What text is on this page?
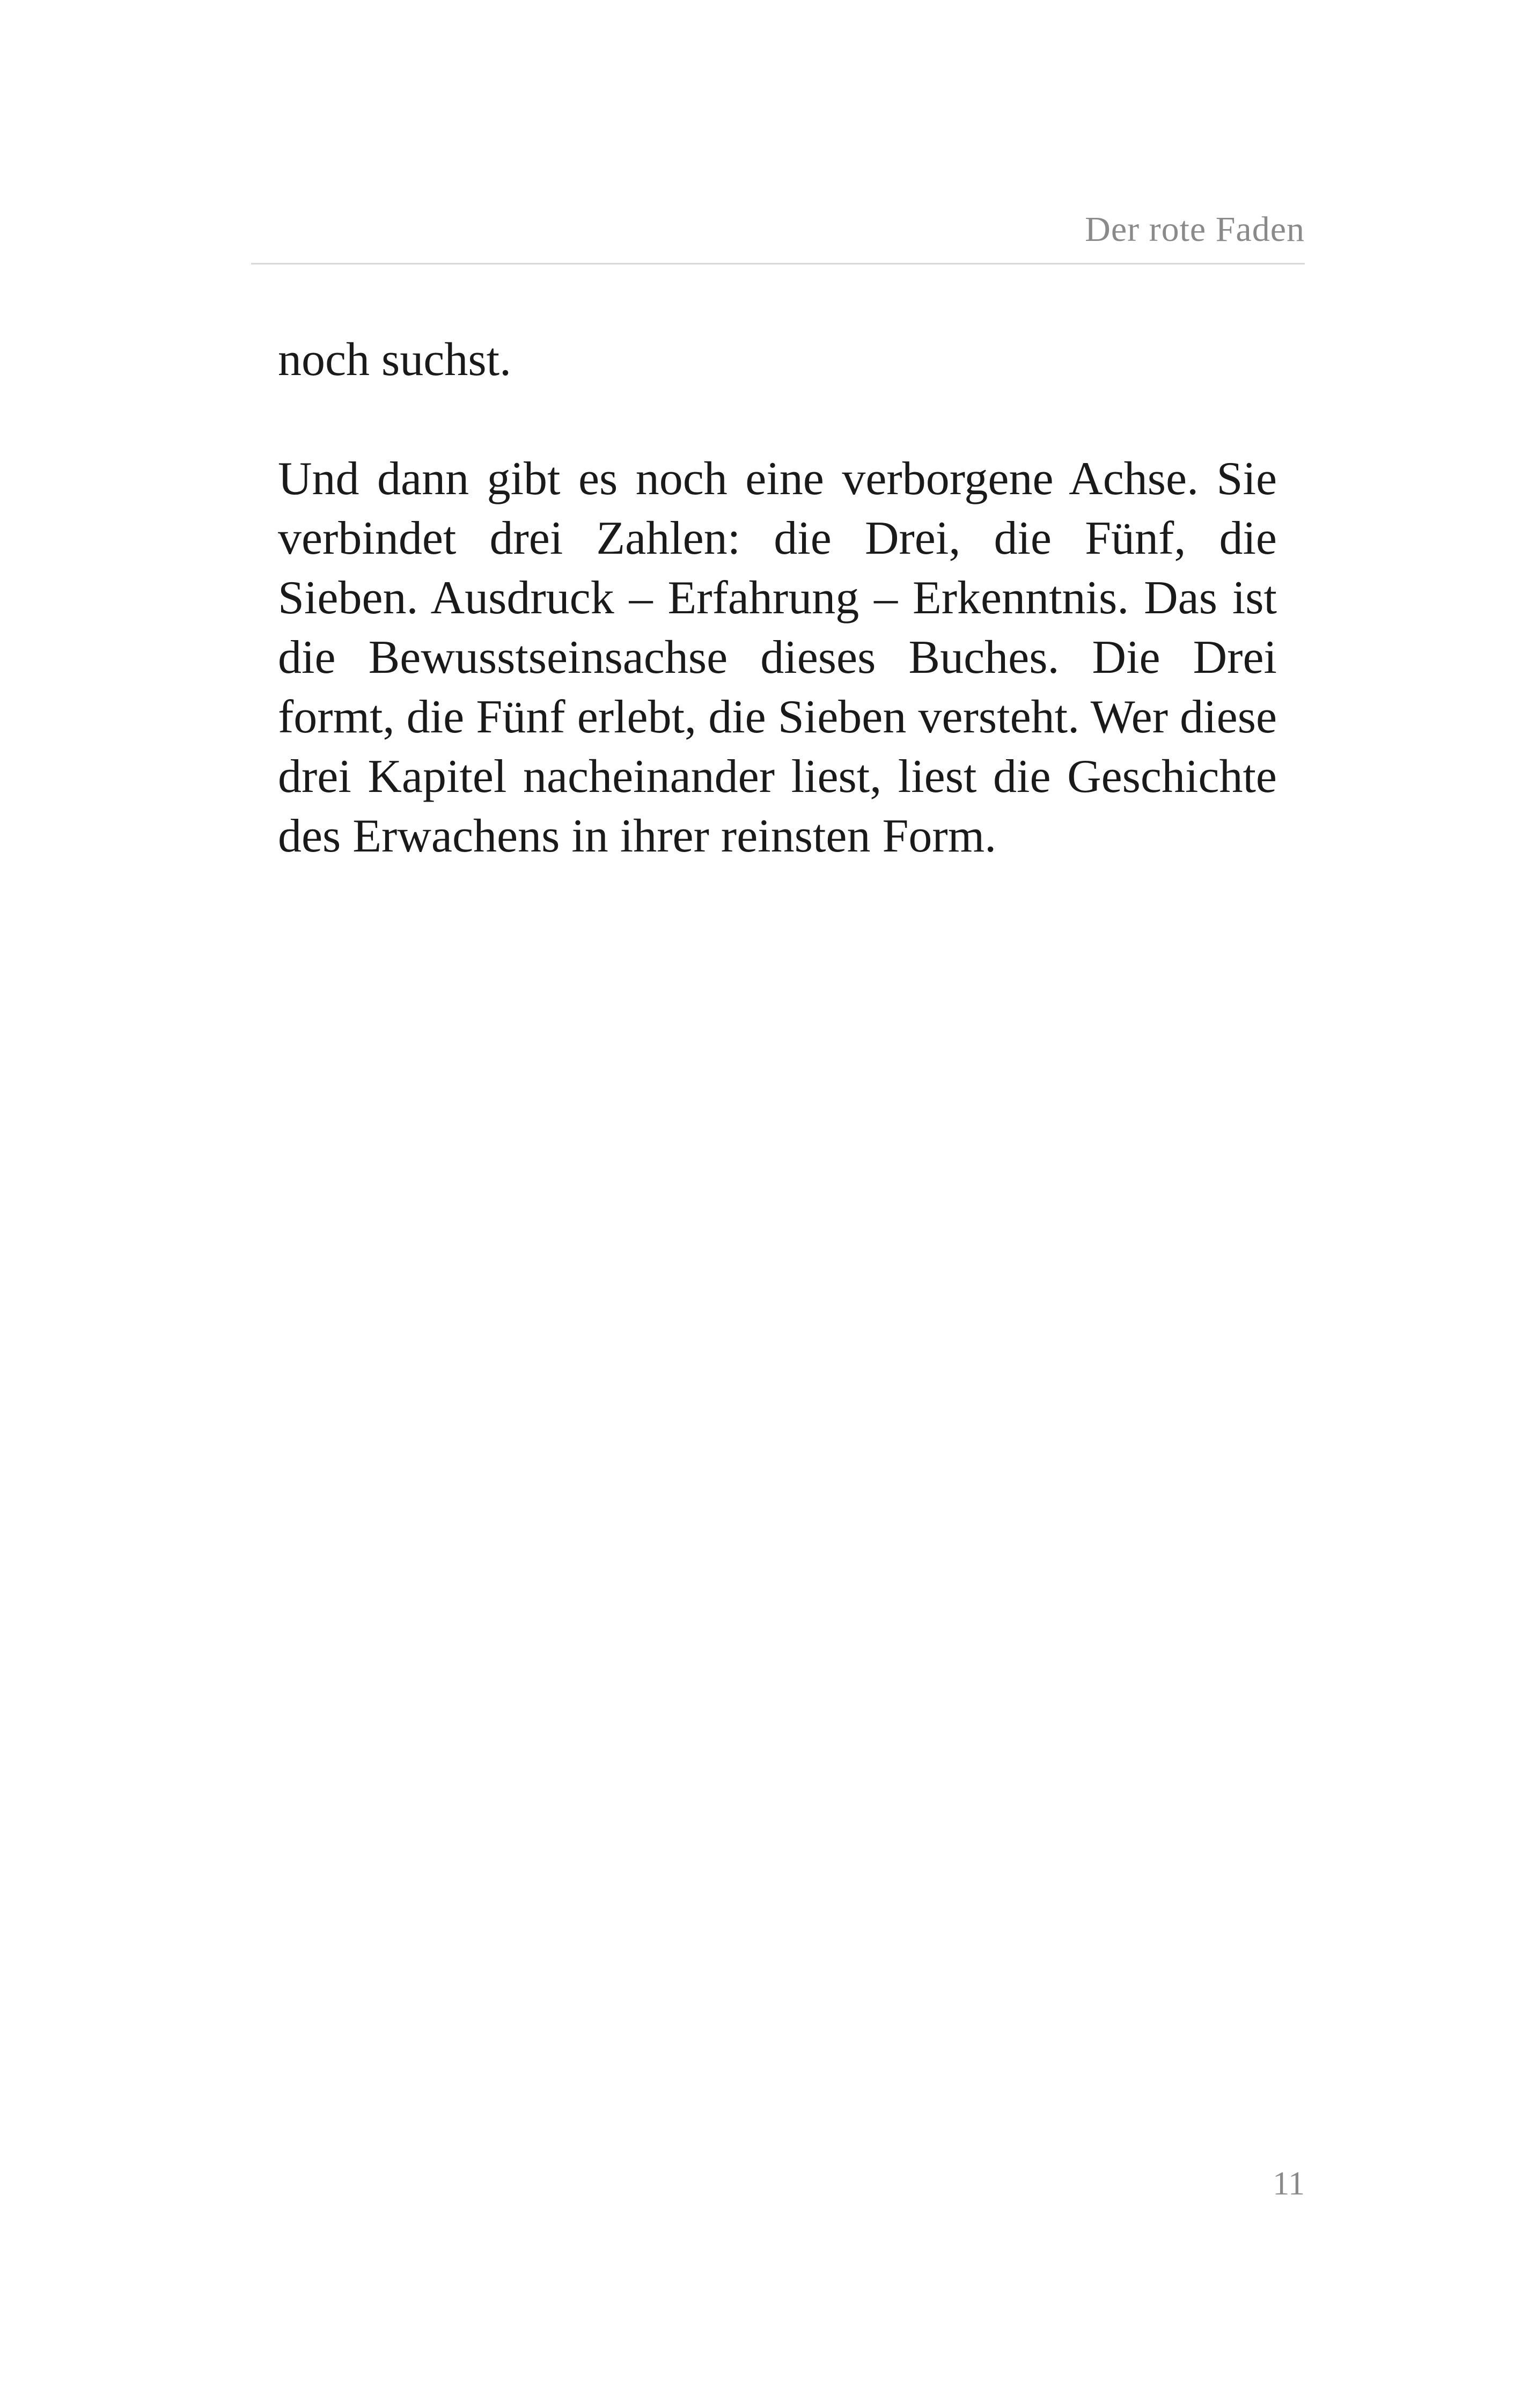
Der rote Faden

noch suchst.

Und dann gibt es noch eine verborgene Achse. Sie verbindet drei Zahlen: die Drei, die Fünf, die Sieben. Ausdruck – Erfahrung – Erkenntnis. Das ist die Bewusstseinsachse dieses Buches. Die Drei formt, die Fünf erlebt, die Sieben versteht. Wer diese drei Kapitel nacheinander liest, liest die Geschichte des Erwachens in ihrer reinsten Form.

11
